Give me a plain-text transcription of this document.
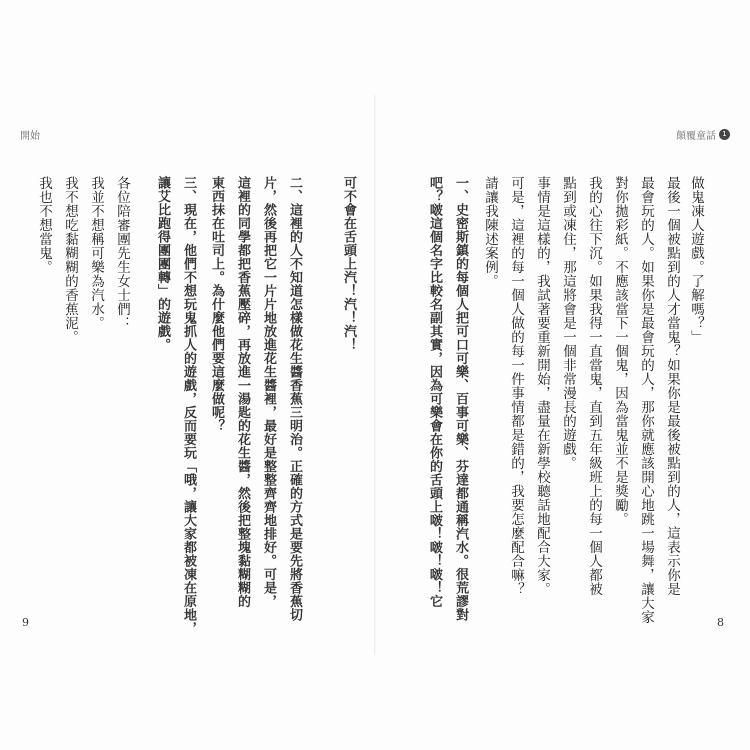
開始	顛覆童話 1
做鬼凍人遊戲。了解嗎？」
最後一個被點到的人才當鬼？如果你是最後被點到的人，這表示你是
最會玩的人。如果你是最會玩的人，那你就應該開心地跳一場舞，讓大家
對你拋彩紙。不應該當下一個鬼，因為當鬼並不是獎勵。
我的心往下沉。如果我得一直當鬼，直到五年級班上的每一個人都被
點到或凍住，那這將會是一個非常漫長的遊戲。
事情是這樣的，我試著要重新開始，盡量在新學校聽話地配合大家。
可是，這裡的每一個人做的每一件事情都是錯的，我要怎麼配合嘛？
請讓我陳述案例。
一、史密斯鎮的每個人把可口可樂、百事可樂、芬達都通稱汽水。很荒謬對
吧？啵這個名字比較名副其實，因為可樂會在你的舌頭上啵！啵！啵！它
可不會在舌頭上汽！汽！汽！
二、這裡的人不知道怎樣做花生醬香蕉三明治。正確的方式是要先將香蕉切
片，然後再把它一片片地放進花生醬裡，最好是整整齊齊地排好。可是，
這裡的同學都把香蕉壓碎，再放進一湯匙的花生醬，然後把整塊黏糊糊的
東西抹在吐司上。為什麼他們要這麼做呢？
三、現在，他們不想玩鬼抓人的遊戲，反而要玩「哦，讓大家都被凍在原地，
讓艾比跑得團團轉」的遊戲。
各位陪審團先生女士們：
我並不想稱可樂為汽水。
我不想吃黏糊糊的香蕉泥。
我也不想當鬼。
9	8
